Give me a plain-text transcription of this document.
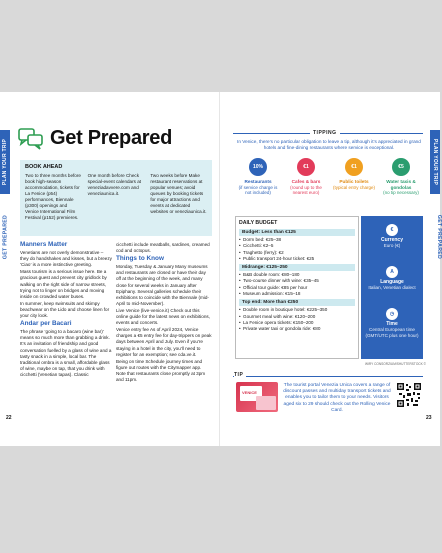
PLAN YOUR TRIP
GET PREPARED
PLAN YOUR TRIP
GET PREPARED
Get Prepared
BOOK AHEAD
Two to three months before book high-season accommodation, tickets for La Fenice (p54) performances, Biennale (p300) openings and Venice International Film Festival (p152) premieres.
One month before Check special-event calendars at veneziadavvere.com and veneziaunica.it.
Two weeks before Make restaurant reservations at popular venues; avoid queues by booking tickets for major attractions and events at dedicated websites or veneziaunica.it.
Manners Matter

Venetians are not overly demonstrative – they do handshakes and kisses, but a breezy ‘Ciao’ is a more instinctive greeting.

Mass tourism is a serious issue here. Be a gracious guest and prevent city gridlock by walking on the right side of narrow streets, trying not to linger on bridges and moving inside on crowded water buses.

In summer, keep swimsuits and skimpy beachwear on the Lido and choose linen for your city look.

Andar per Bacari

The phrase ‘going to a bacaro (wine bar)’ means so much more than grabbing a drink. It’s an invitation of friendship and good conversation fuelled by a glass of wine and a tasty snack in a simple, local bar. The traditional ombra is a small, affordable glass of wine, maybe on tap, that you drink with cicchetti (Venetian tapas). Classic

cicchetti include meatballs, sardines, creamed cod and octopus.

Things to Know

Monday, Tuesday & January Many museums and restaurants are closed or have their day off at the beginning of the week, and many close for several weeks in January after Epiphany. Several galleries schedule their exhibitions to coincide with the Biennale (mid-April to mid-November).

Live Venice (live-venice.it) Check out this online guide for the latest news on exhibitions, events and concerts.

Venice entry fee As of April 2024, Venice charges a €5 entry fee for day-trippers on peak days between April and July. Even if you’re staying in a hotel in the city, you’ll need to register for an exemption; see cda.ve.it.

Being on time Schedule journey times and figure out routes with the Citymapper app. Note that restaurants close promptly at 3pm and 11pm.

22
TIPPING
In Venice, there’s no particular obligation to leave a tip, although it’s appreciated in grand hotels and fine-dining restaurants where service is exceptional.
10%
Restaurants
(if service charge is not included)
€1
Cafes & bars
(round up to the nearest euro)
€1
Public toilets
(typical entry charge)
€5
Water taxis & gondolas
(no tip necessary)
DAILY BUDGET
Budget: Less than €125
• Dorm bed: €25–38
• Cicchetti: €2–5
• Traghetto (ferry): €2
• Public transport 24-hour ticket: €25
Midrange: €125–250
• B&B double room: €80–180
• Two-course dinner with wine: €35–45
• Official tour guide: €85 per hour
• Museum admission: €15–18
Top end: More than €250
• Double room in boutique hotel: €225–350
• Gourmet meal with wine: €120–200
• La Fenice opera tickets: €150–200
• Private water taxi or gondola ride: €80
€
Currency
Euro (€)
A
Language
Italian, Venetian dialect
◷
Time
Central European time (GMT/UTC plus one hour)
WIRY CONSORZIUM/SHUTTERSTOCK ©
TIP
VENICE
The tourist portal Venezia Unica covers a range of discount passes and multiday transport tickets and enables you to tailor them to your needs. Visitors aged six to 29 should check out the Rolling Venice Card.
23
